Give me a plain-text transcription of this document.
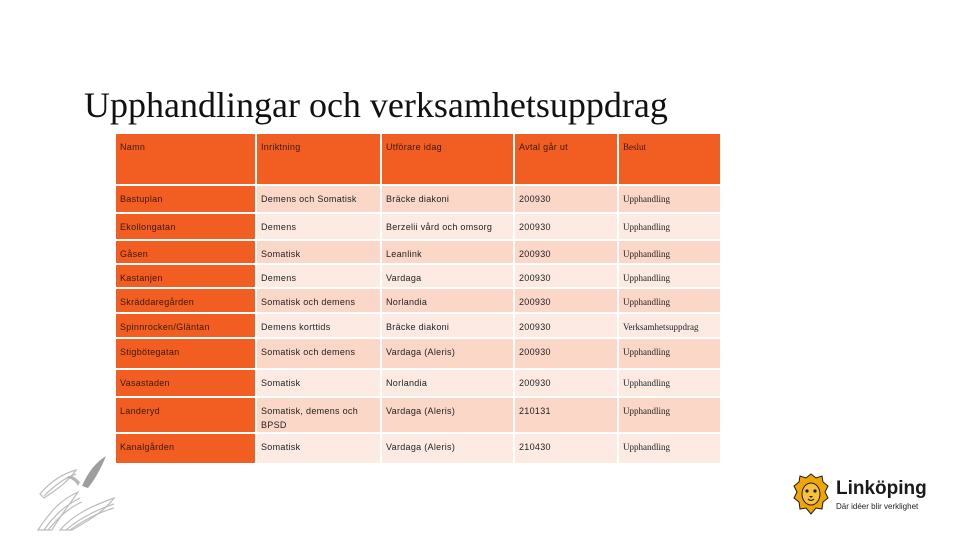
Upphandlingar och verksamhetsuppdrag
Namn	Inriktning	Utförare idag	Avtal går ut	Beslut
Bastuplan	Demens och Somatisk	Bräcke diakoni	200930	Upphandling
Ekollongatan	Demens	Berzelii vård och omsorg	200930	Upphandling
Gåsen	Somatisk	Leanlink	200930	Upphandling
Kastanjen	Demens	Vardaga	200930	Upphandling
Skräddaregården	Somatisk och demens	Norlandia	200930	Upphandling
Spinnrocken/Gläntan	Demens korttids	Bräcke diakoni	200930	Verksamhetsuppdrag
Stigbötegatan	Somatisk och demens	Vardaga (Aleris)	200930	Upphandling
Vasastaden	Somatisk	Norlandia	200930	Upphandling
Landeryd	Somatisk, demens och BPSD	Vardaga (Aleris)	210131	Upphandling
Kanalgården	Somatisk	Vardaga (Aleris)	210430	Upphandling
Linköping
Där idéer blir verklighet
